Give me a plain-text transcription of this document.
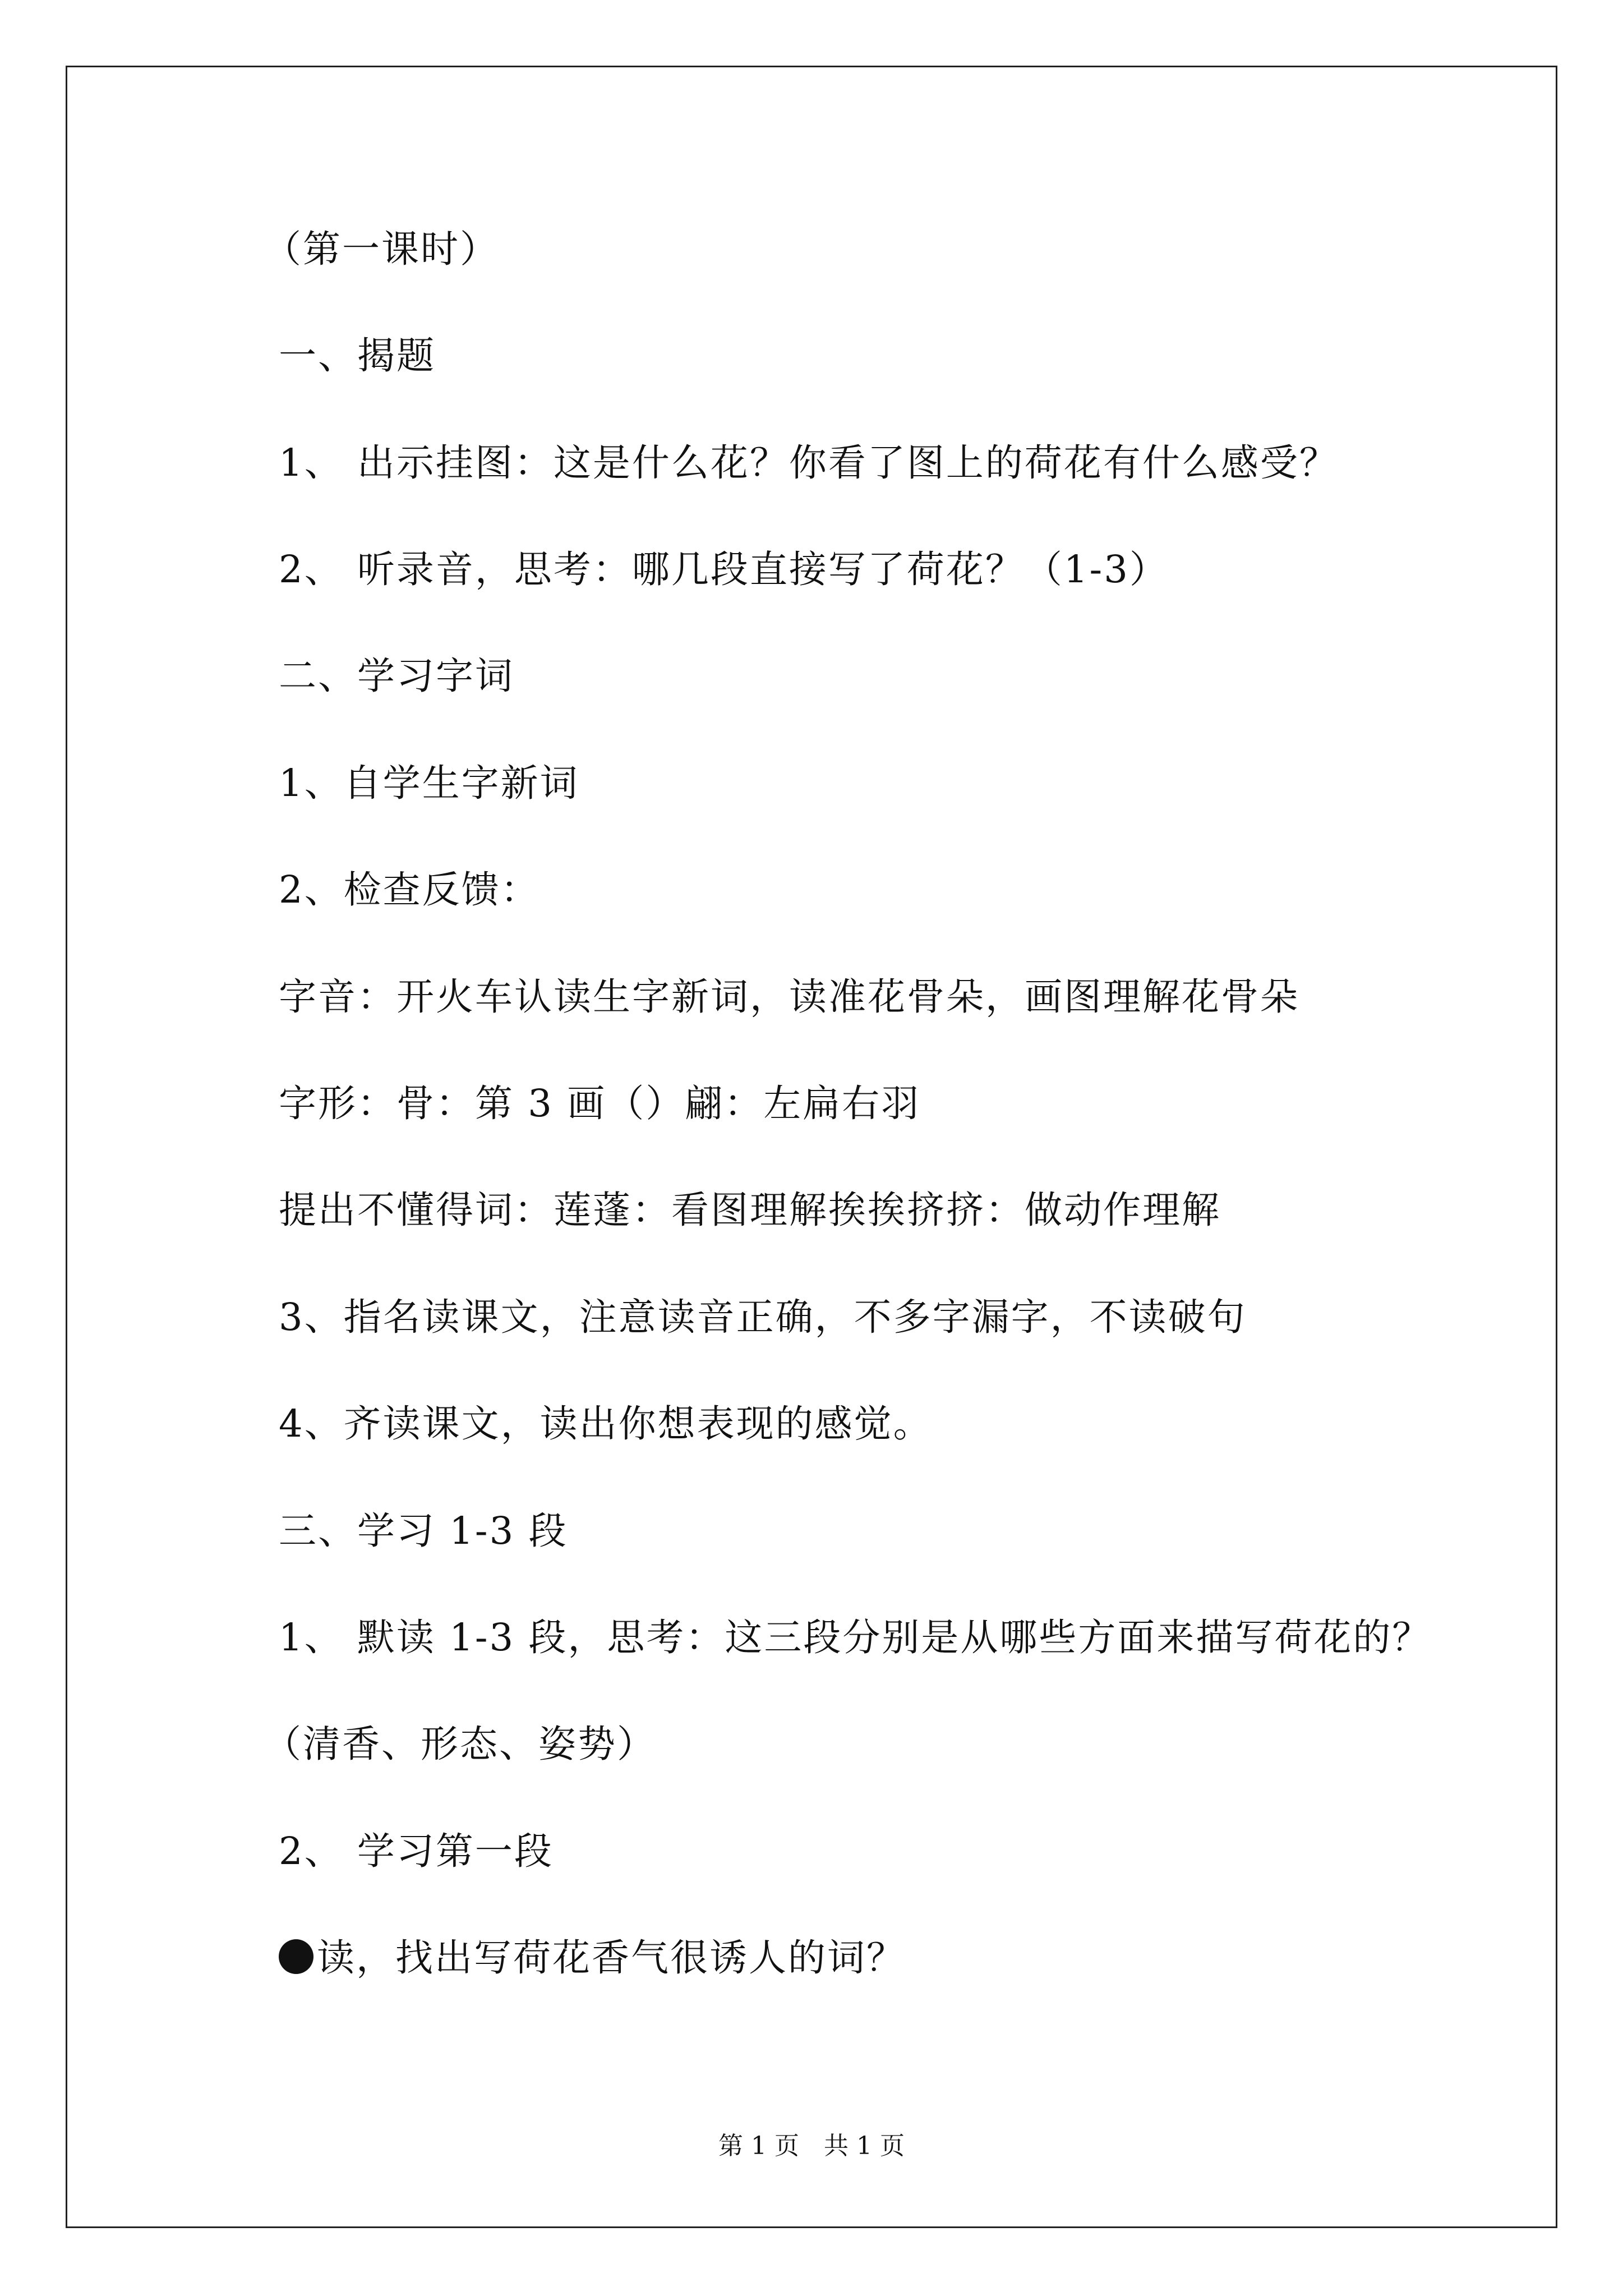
（第一课时）
一、揭题
1、 出示挂图：这是什么花？你看了图上的荷花有什么感受？
2、 听录音，思考：哪几段直接写了荷花？（1-3）
二、学习字词
1、自学生字新词
2、检查反馈：
字音：开火车认读生字新词，读准花骨朵，画图理解花骨朵
字形：骨：第 3 画（）翩：左扁右羽
提出不懂得词：莲蓬：看图理解挨挨挤挤：做动作理解
3、指名读课文，注意读音正确，不多字漏字，不读破句
4、齐读课文，读出你想表现的感觉。
三、学习 1-3 段
1、 默读 1-3 段，思考：这三段分别是从哪些方面来描写荷花的？
（清香、形态、姿势）
2、 学习第一段
读，找出写荷花香气很诱人的词？
第 1 页 共 1 页
